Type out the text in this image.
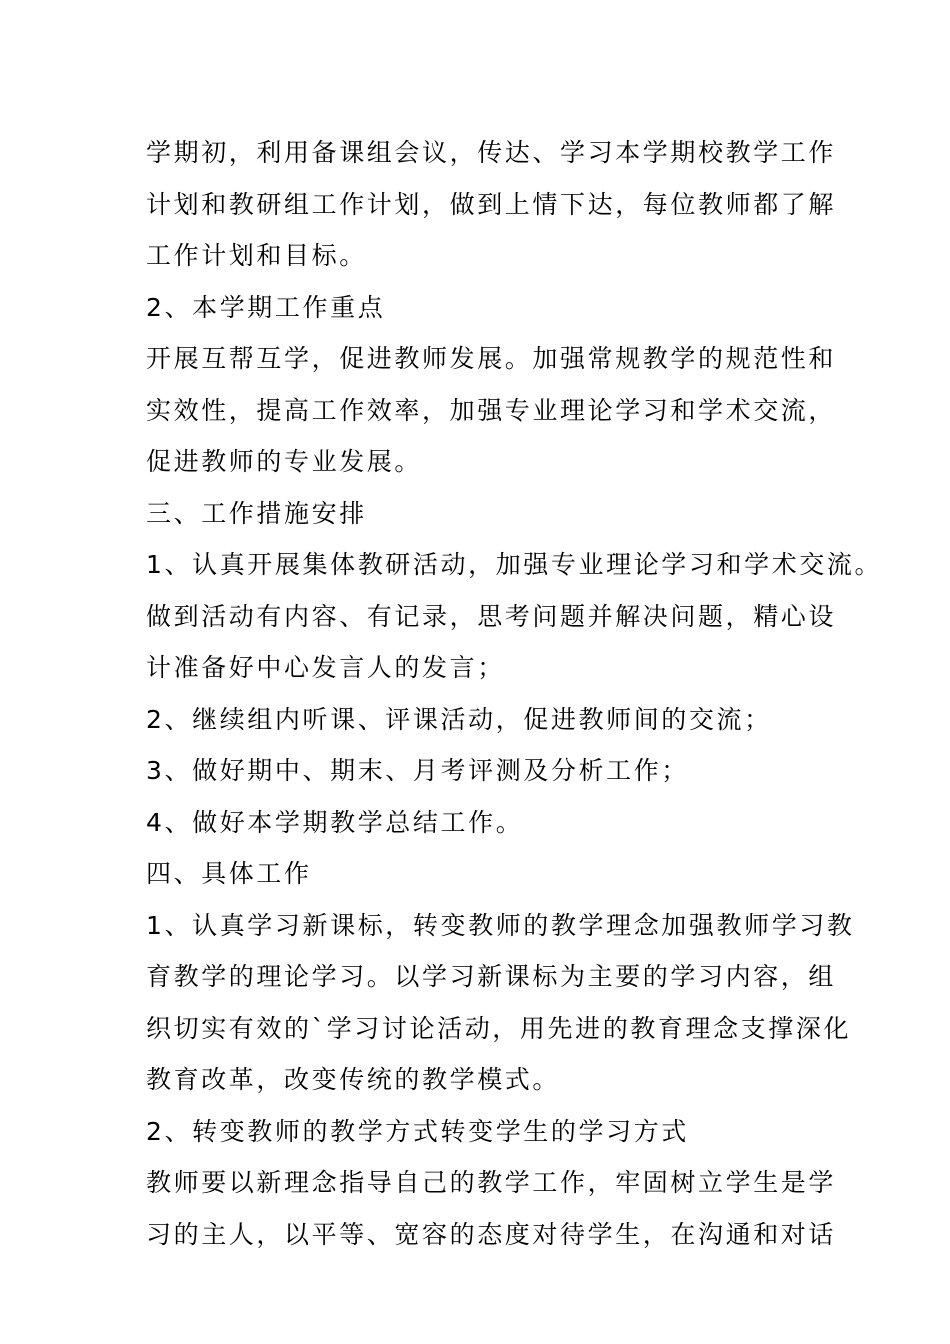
学期初，利用备课组会议，传达、学习本学期校教学工作
计划和教研组工作计划，做到上情下达，每位教师都了解
工作计划和目标。
2、本学期工作重点
开展互帮互学，促进教师发展。加强常规教学的规范性和
实效性，提高工作效率，加强专业理论学习和学术交流，
促进教师的专业发展。
三、工作措施安排
1、认真开展集体教研活动，加强专业理论学习和学术交流。
做到活动有内容、有记录，思考问题并解决问题，精心设
计准备好中心发言人的发言；
2、继续组内听课、评课活动，促进教师间的交流；
3、做好期中、期末、月考评测及分析工作；
4、做好本学期教学总结工作。
四、具体工作
1、认真学习新课标，转变教师的教学理念加强教师学习教
育教学的理论学习。以学习新课标为主要的学习内容，组
织切实有效的`学习讨论活动，用先进的教育理念支撑深化
教育改革，改变传统的教学模式。
2、转变教师的教学方式转变学生的学习方式
教师要以新理念指导自己的教学工作，牢固树立学生是学
习的主人，以平等、宽容的态度对待学生，在沟通和对话
